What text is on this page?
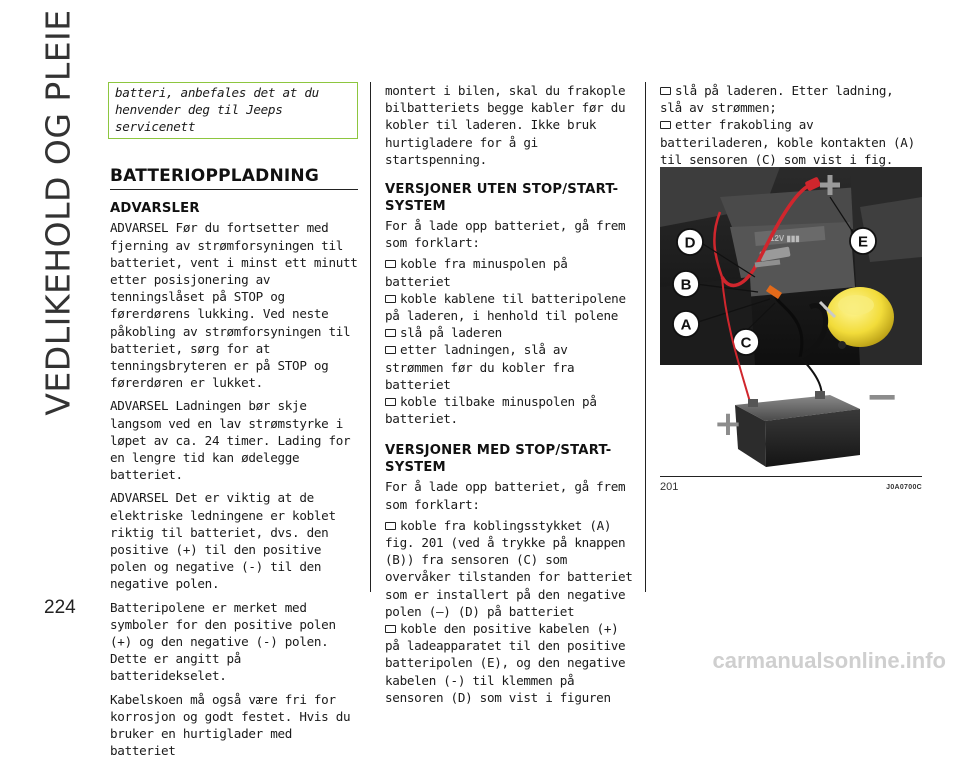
VEDLIKEHOLD OG PLEIE
224
batteri, anbefales det at du henvender deg til Jeeps servicenett
BATTERIOPPLADNING
ADVARSLER

ADVARSEL Før du fortsetter med fjerning av strømforsyningen til batteriet, vent i minst ett minutt etter posisjonering av tenningslåset på STOP og førerdørens lukking. Ved neste påkobling av strømforsyningen til batteriet, sørg for at tenningsbryteren er på STOP og førerdøren er lukket.

ADVARSEL Ladningen bør skje langsom ved en lav strømstyrke i løpet av ca. 24 timer. Lading for en lengre tid kan ødelegge batteriet.

ADVARSEL Det er viktig at de elektriske ledningene er koblet riktig til batteriet, dvs. den positive (+) til den positive polen og negative (-) til den negative polen.

Batteripolene er merket med symboler for den positive polen (+) og den negative (-) polen. Dette er angitt på batteridekselet.

Kabelskoen må også være fri for korrosjon og godt festet. Hvis du bruker en hurtiglader med batteriet

montert i bilen, skal du frakople bilbatteriets begge kabler før du kobler til laderen. Ikke bruk hurtigladere for å gi startspenning.

VERSJONER UTEN STOP/START-SYSTEM

For å lade opp batteriet, gå frem som forklart:

koble fra minuspolen på batteriet
koble kablene til batteripolene på laderen, i henhold til polene
slå på laderen
etter ladningen, slå av strømmen før du kobler fra batteriet
koble tilbake minuspolen på batteriet.
VERSJONER MED STOP/START-SYSTEM

For å lade opp batteriet, gå frem som forklart:

koble fra koblingsstykket (A) fig. 201 (ved å trykke på knappen (B)) fra sensoren (C) som overvåker tilstanden for batteriet som er installert på den negative polen (–) (D) på batteriet
koble den positive kabelen (+) på ladeapparatet til den positive batteripolen (E), og den negative kabelen (-) til klemmen på sensoren (D) som vist i figuren
slå på laderen. Etter ladning, slå av strømmen;
etter frakobling av batteriladeren, koble kontakten (A) til sensoren (C) som vist i fig.
12V ▮▮▮
D	E
B
A
C
+
−
201	J0A0700C
carmanualsonline.info
